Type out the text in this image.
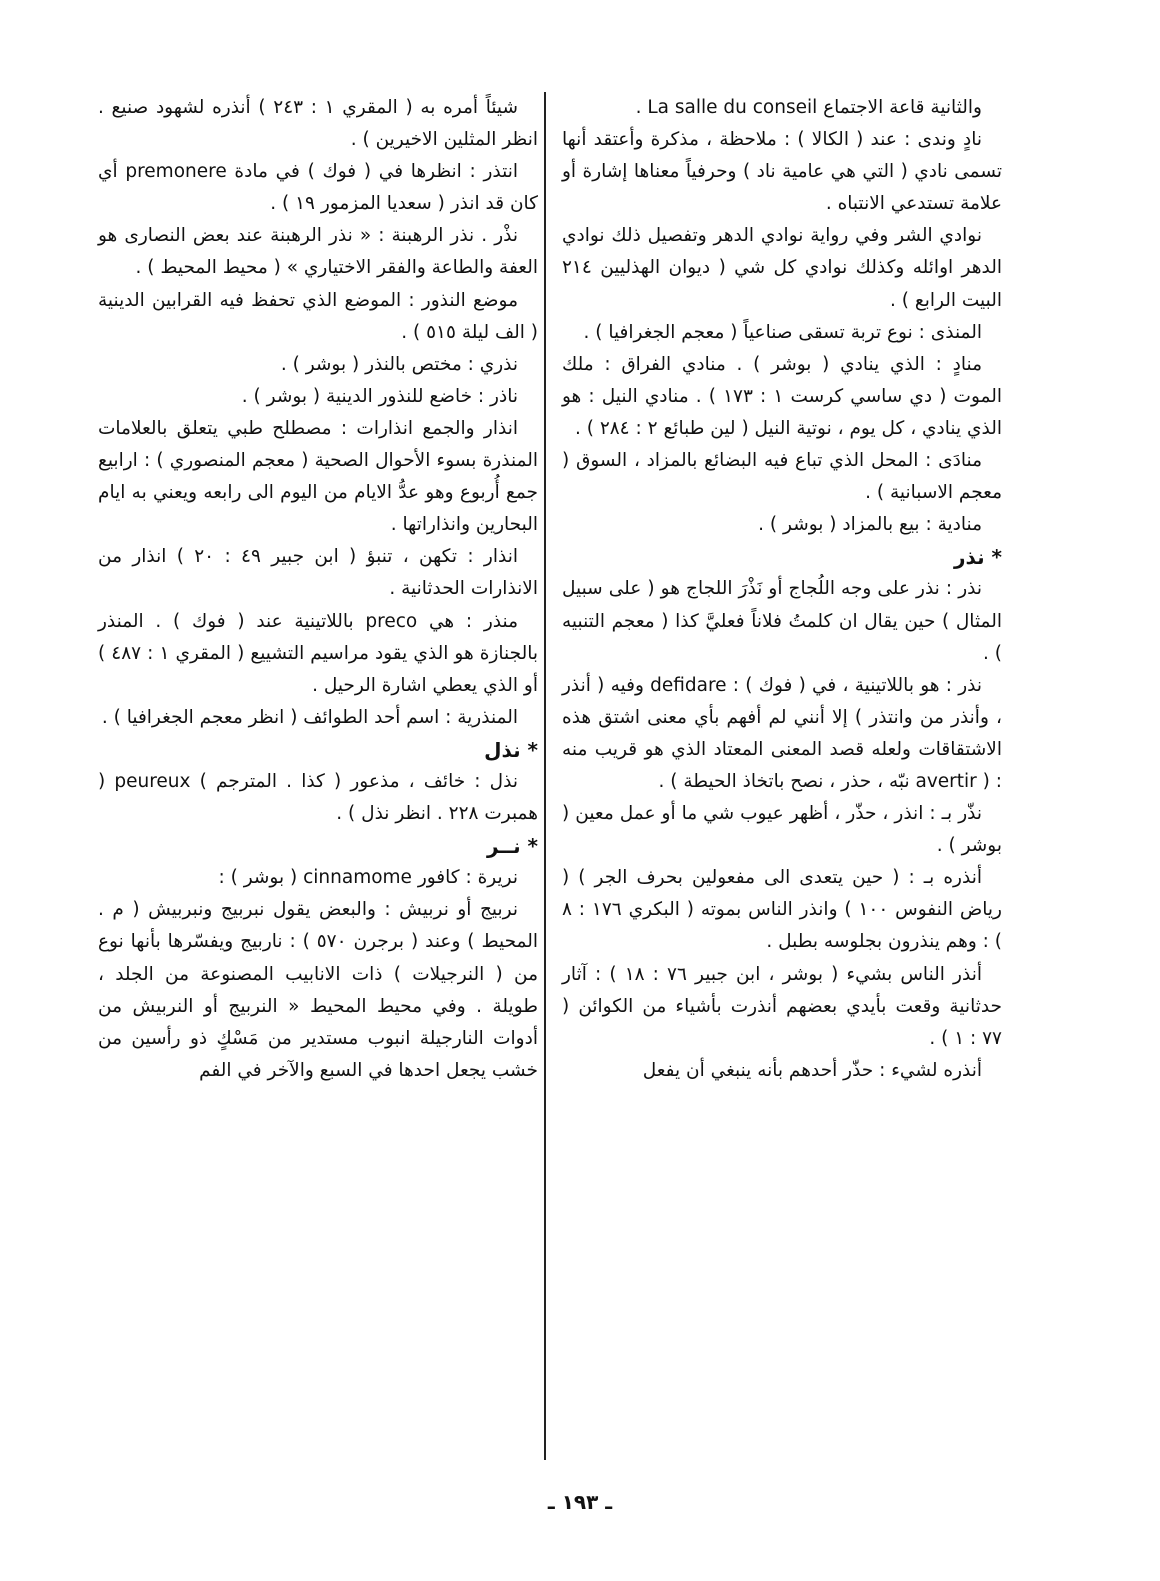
والثانية قاعة الاجتماع La salle du conseil .

نادٍ وندى : عند ( الكالا ) : ملاحظة ، مذكرة وأعتقد أنها تسمى نادي ( التي هي عامية ناد ) وحرفياً معناها إشارة أو علامة تستدعي الانتباه .

نوادي الشر وفي رواية نوادي الدهر وتفصيل ذلك نوادي الدهر اوائله وكذلك نوادي كل شي ( ديوان الهذليين ٢١٤ البيت الرابع ) .

المنذى : نوع تربة تسقى صناعياً ( معجم الجغرافيا ) .

منادٍ : الذي ينادي ( بوشر ) . منادي الفراق : ملك الموت ( دي ساسي كرست ١ : ١٧٣ ) . منادي النيل : هو الذي ينادي ، كل يوم ، نوتية النيل ( لين طبائع ٢ : ٢٨٤ ) .

منادَى : المحل الذي تباع فيه البضائع بالمزاد ، السوق ( معجم الاسبانية ) .

منادية : بيع بالمزاد ( بوشر ) .

* نذر

نذر : نذر على وجه اللُجاج أو نَذْرَ اللجاج هو ( على سبيل المثال ) حين يقال ان كلمتُ فلاناً فعليَّ كذا ( معجم التنبيه ) .

نذر : هو باللاتينية ، في ( فوك ) : defidare وفيه ( أنذر ، وأنذر من وانتذر ) إلا أنني لم أفهم بأي معنى اشتق هذه الاشتقاقات ولعله قصد المعنى المعتاد الذي هو قريب منه : ( avertir نبّه ، حذر ، نصح باتخاذ الحيطة ) .

نذّر بـ : انذر ، حذّر ، أظهر عيوب شي ما أو عمل معين ( بوشر ) .

أنذره بـ : ( حين يتعدى الى مفعولين بحرف الجر ) ( رياض النفوس ١٠٠ ) وانذر الناس بموته ( البكري ١٧٦ : ٨ ) : وهم ينذرون بجلوسه بطبل .

أنذر الناس بشيء ( بوشر ، ابن جبير ٧٦ : ١٨ ) : آثار حدثانية وقعت بأيدي بعضهم أنذرت بأشياء من الكوائن ( ٧٧ : ١ ) .

أنذره لشيء : حذّر أحدهم بأنه ينبغي أن يفعل

شيئاً أمره به ( المقري ١ : ٢٤٣ ) أنذره لشهود صنيع . انظر المثلين الاخيرين ) .

انتذر : انظرها في ( فوك ) في مادة premonere أي كان قد انذر ( سعديا المزمور ١٩ ) .

نذْر . نذر الرهبنة : « نذر الرهبنة عند بعض النصارى هو العفة والطاعة والفقر الاختياري » ( محيط المحيط ) .

موضع النذور : الموضع الذي تحفظ فيه القرابين الدينية ( الف ليلة ٥١٥ ) .

نذري : مختص بالنذر ( بوشر ) .

ناذر : خاضع للنذور الدينية ( بوشر ) .

انذار والجمع انذارات : مصطلح طبي يتعلق بالعلامات المنذرة بسوء الأحوال الصحية ( معجم المنصوري ) : ارابيع جمع أُربوع وهو عدُّ الايام من اليوم الى رابعه ويعني به ايام البحارين وانذاراتها .

انذار : تكهن ، تنبؤ ( ابن جبير ٤٩ : ٢٠ ) انذار من الانذارات الحدثانية .

منذر : هي preco باللاتينية عند ( فوك ) . المنذر بالجنازة هو الذي يقود مراسيم التشييع ( المقري ١ : ٤٨٧ ) أو الذي يعطي اشارة الرحيل .

المنذرية : اسم أحد الطوائف ( انظر معجم الجغرافيا ) .

* نذل

نذل : خائف ، مذعور ( كذا . المترجم ) peureux ( همبرت ٢٢٨ . انظر نذل ) .

* نــر

نريرة : كافور cinnamome ( بوشر ) :

نربيج أو نربيش : والبعض يقول نبربيج ونبربيش ( م . المحيط ) وعند ( برجرن ٥٧٠ ) : ناربيج ويفسّرها بأنها نوع من ( النرجيلات ) ذات الانابيب المصنوعة من الجلد ، طويلة . وفي محيط المحيط « النربيج أو النربيش من أدوات النارجيلة انبوب مستدير من مَسْكٍ ذو رأسين من خشب يجعل احدها في السبع والآخر في الفم

ـ ١٩٣ ـ
